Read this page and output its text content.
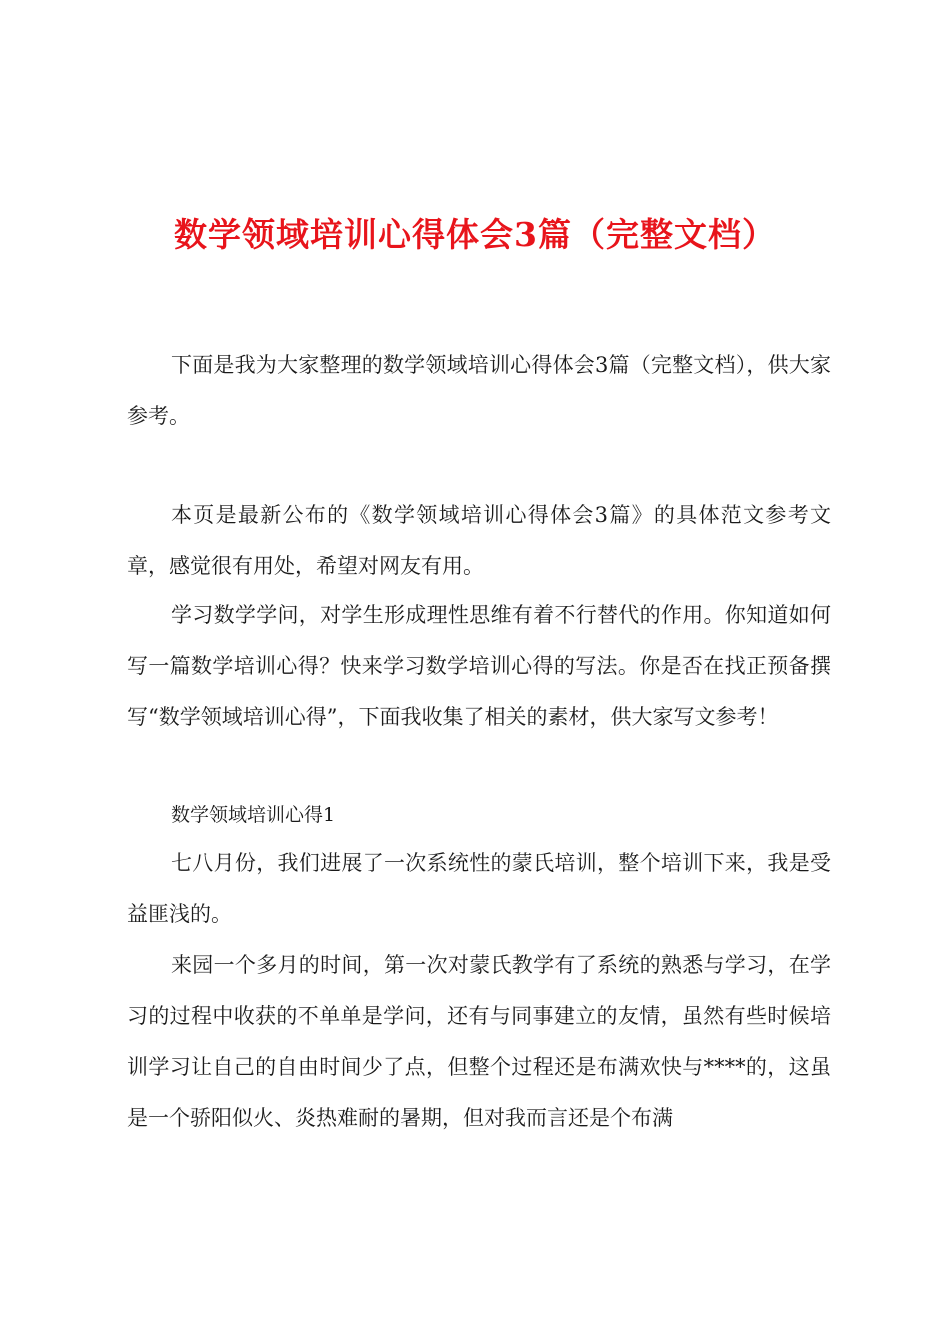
数学领域培训心得体会3篇（完整文档）

下面是我为大家整理的数学领域培训心得体会3篇（完整文档），供大家参考。

本页是最新公布的《数学领域培训心得体会3篇》的具体范文参考文章，感觉很有用处，希望对网友有用。

学习数学学问，对学生形成理性思维有着不行替代的作用。你知道如何写一篇数学培训心得？快来学习数学培训心得的写法。你是否在找正预备撰写“数学领域培训心得”，下面我收集了相关的素材，供大家写文参考！

数学领域培训心得1

七八月份，我们进展了一次系统性的蒙氏培训，整个培训下来，我是受益匪浅的。

来园一个多月的时间，第一次对蒙氏教学有了系统的熟悉与学习，在学习的过程中收获的不单单是学问，还有与同事建立的友情，虽然有些时候培训学习让自己的自由时间少了点，但整个过程还是布满欢快与****的，这虽是一个骄阳似火、炎热难耐的暑期，但对我而言还是个布满
